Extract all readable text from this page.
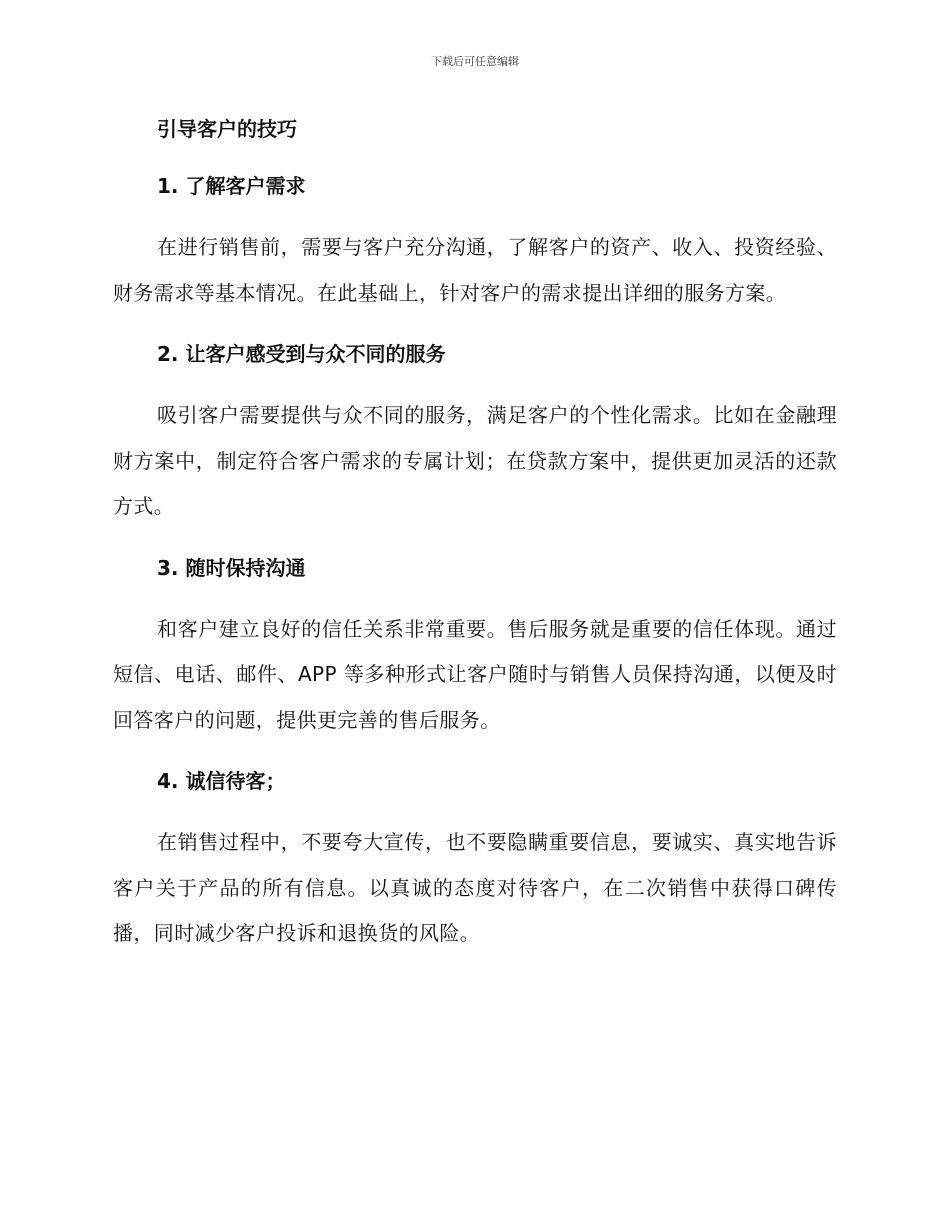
下载后可任意编辑
引导客户的技巧
1. 了解客户需求

在进行销售前，需要与客户充分沟通，了解客户的资产、收入、投资经验、财务需求等基本情况。在此基础上，针对客户的需求提出详细的服务方案。

2. 让客户感受到与众不同的服务

吸引客户需要提供与众不同的服务，满足客户的个性化需求。比如在金融理财方案中，制定符合客户需求的专属计划；在贷款方案中，提供更加灵活的还款方式。

3. 随时保持沟通

和客户建立良好的信任关系非常重要。售后服务就是重要的信任体现。通过短信、电话、邮件、APP 等多种形式让客户随时与销售人员保持沟通，以便及时回答客户的问题，提供更完善的售后服务。

4. 诚信待客；

在销售过程中，不要夸大宣传，也不要隐瞒重要信息，要诚实、真实地告诉客户关于产品的所有信息。以真诚的态度对待客户，在二次销售中获得口碑传播，同时减少客户投诉和退换货的风险。
